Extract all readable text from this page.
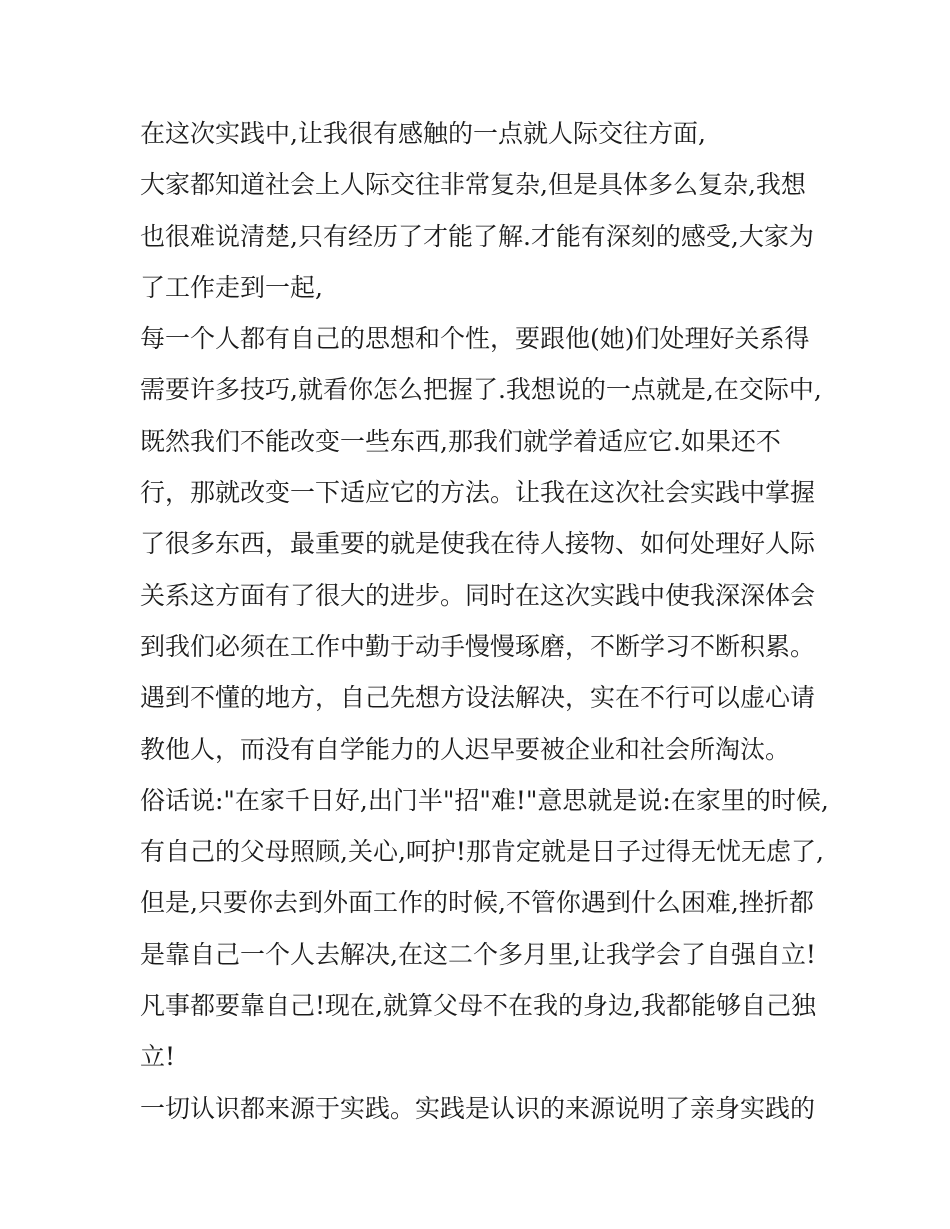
在这次实践中,让我很有感触的一点就人际交往方面,

大家都知道社会上人际交往非常复杂,但是具体多么复杂,我想

也很难说清楚,只有经历了才能了解.才能有深刻的感受,大家为

了工作走到一起,

每一个人都有自己的思想和个性，要跟他(她)们处理好关系得

需要许多技巧,就看你怎么把握了.我想说的一点就是,在交际中,

既然我们不能改变一些东西,那我们就学着适应它.如果还不

行，那就改变一下适应它的方法。让我在这次社会实践中掌握

了很多东西，最重要的就是使我在待人接物、如何处理好人际

关系这方面有了很大的进步。同时在这次实践中使我深深体会

到我们必须在工作中勤于动手慢慢琢磨，不断学习不断积累。

遇到不懂的地方，自己先想方设法解决，实在不行可以虚心请

教他人，而没有自学能力的人迟早要被企业和社会所淘汰。

俗话说:"在家千日好,出门半"招"难!"意思就是说:在家里的时候,

有自己的父母照顾,关心,呵护!那肯定就是日子过得无忧无虑了,

但是,只要你去到外面工作的时候,不管你遇到什么困难,挫折都

是靠自己一个人去解决,在这二个多月里,让我学会了自强自立!

凡事都要靠自己!现在,就算父母不在我的身边,我都能够自己独

立!

一切认识都来源于实践。实践是认识的来源说明了亲身实践的
